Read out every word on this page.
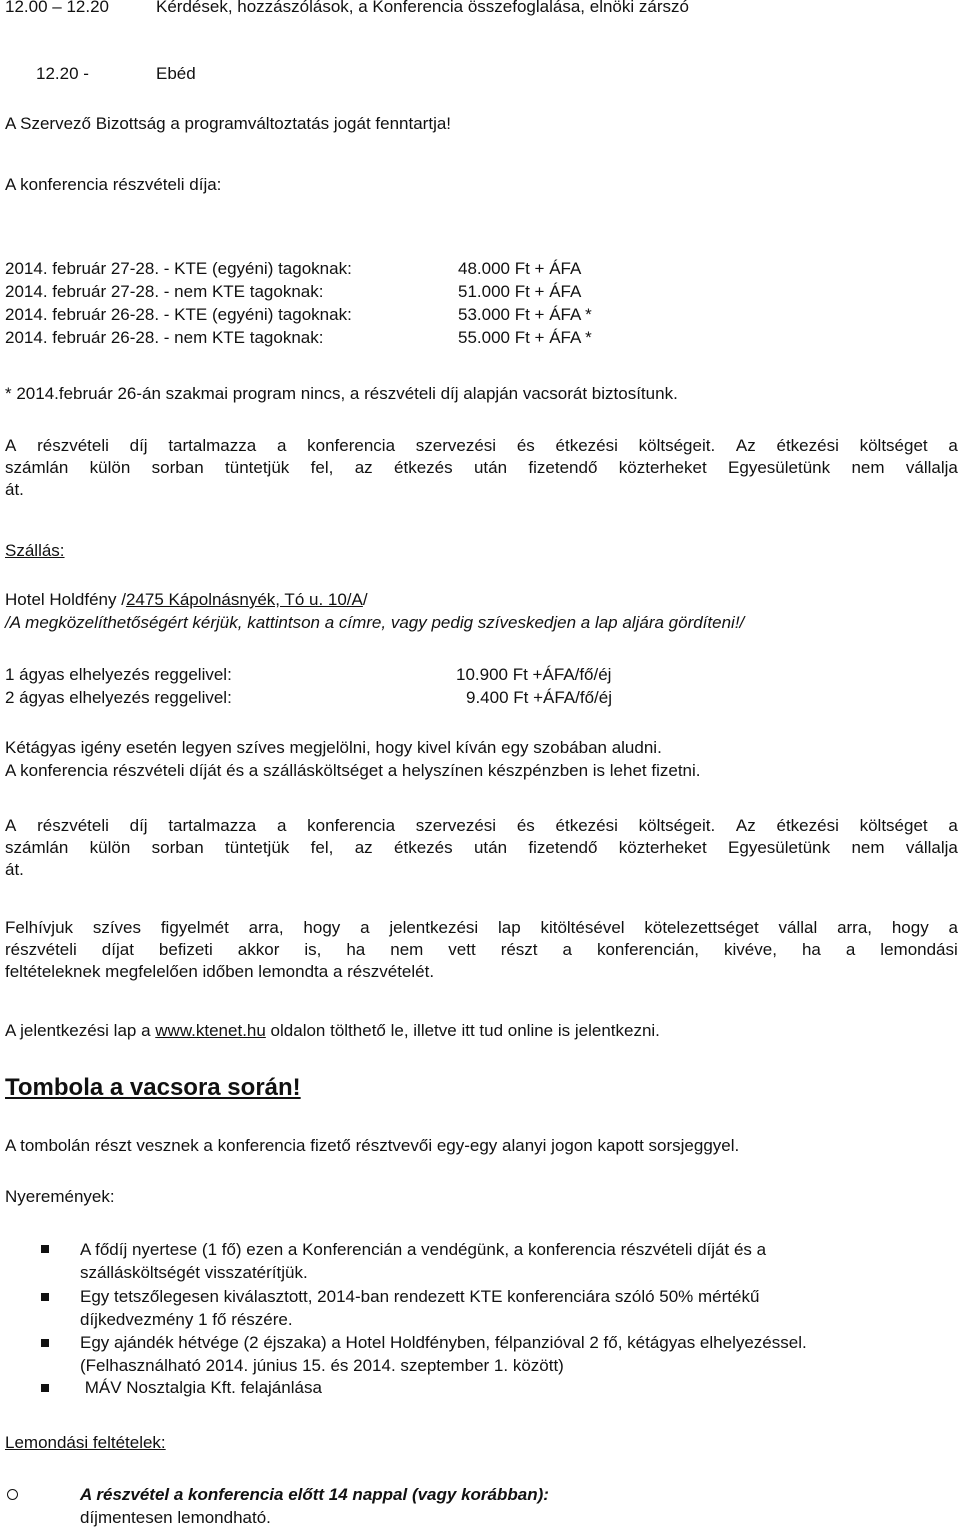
12.00 – 12.20	Kérdések, hozzászólások, a Konferencia összefoglalása, elnöki zárszó
12.20 -	Ebéd
A Szervező Bizottság a programváltoztatás jogát fenntartja!
A konferencia részvételi díja:
2014. február 27-28. - KTE (egyéni) tagoknak:	48.000 Ft + ÁFA
2014. február 27-28. - nem KTE tagoknak:	51.000 Ft + ÁFA
2014. február 26-28. - KTE (egyéni) tagoknak:	53.000 Ft + ÁFA *
2014. február 26-28. - nem KTE tagoknak:	55.000 Ft + ÁFA *
* 2014.február 26-án szakmai program nincs, a részvételi díj alapján vacsorát biztosítunk.
A részvételi díj tartalmazza a konferencia szervezési és étkezési költségeit. Az étkezési költséget a
számlán külön sorban tüntetjük fel, az étkezés után fizetendő közterheket Egyesületünk nem vállalja
át.
Szállás:
Hotel Holdfény /2475 Kápolnásnyék, Tó u. 10/A/
/A megközelíthetőségért kérjük, kattintson a címre, vagy pedig szíveskedjen a lap aljára gördíteni!/
1 ágyas elhelyezés reggelivel:	10.900 Ft +ÁFA/fő/éj
2 ágyas elhelyezés reggelivel:	9.400 Ft +ÁFA/fő/éj
Kétágyas igény esetén legyen szíves megjelölni, hogy kivel kíván egy szobában aludni.
A konferencia részvételi díját és a szállásköltséget a helyszínen készpénzben is lehet fizetni.
A részvételi díj tartalmazza a konferencia szervezési és étkezési költségeit. Az étkezési költséget a
számlán külön sorban tüntetjük fel, az étkezés után fizetendő közterheket Egyesületünk nem vállalja
át.
Felhívjuk szíves figyelmét arra, hogy a jelentkezési lap kitöltésével kötelezettséget vállal arra, hogy a
részvételi díjat befizeti akkor is, ha nem vett részt a konferencián, kivéve, ha a lemondási
feltételeknek megfelelően időben lemondta a részvételét.
A jelentkezési lap a www.ktenet.hu oldalon tölthető le, illetve itt tud online is jelentkezni.
Tombola a vacsora során!
A tombolán részt vesznek a konferencia fizető résztvevői egy-egy alanyi jogon kapott sorsjeggyel.
Nyeremények:
A fődíj nyertese (1 fő) ezen a Konferencián a vendégünk, a konferencia részvételi díját és a
szállásköltségét visszatérítjük.
Egy tetszőlegesen kiválasztott, 2014-ban rendezett KTE konferenciára szóló 50% mértékű
díjkedvezmény 1 fő részére.
Egy ajándék hétvége (2 éjszaka) a Hotel Holdfényben, félpanzióval 2 fő, kétágyas elhelyezéssel.
(Felhasználható 2014. június 15. és 2014. szeptember 1. között)
MÁV Nosztalgia Kft. felajánlása
Lemondási feltételek:
A részvétel a konferencia előtt 14 nappal (vagy korábban):
díjmentesen lemondható.
